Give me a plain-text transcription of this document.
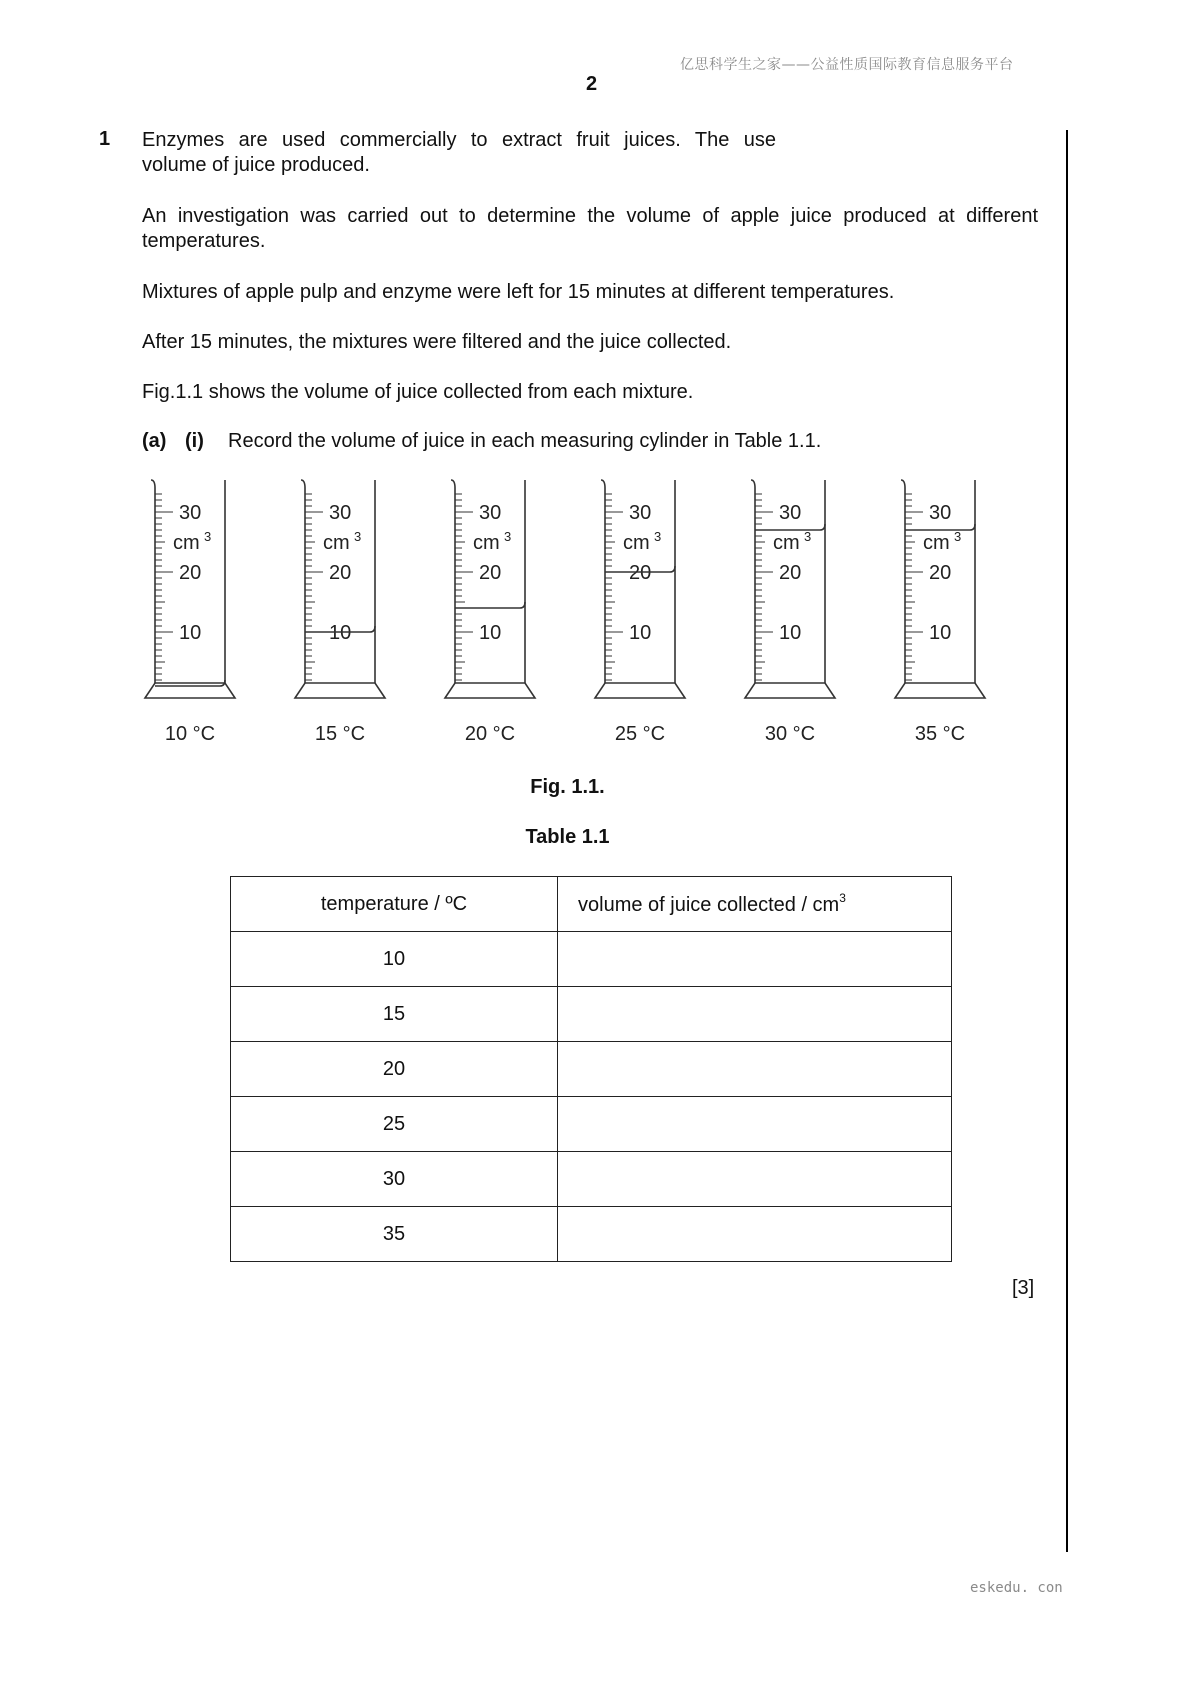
亿思科学生之家——公益性质国际教育信息服务平台
2
1 Enzymes are used commercially to extract fruit juices. The use
volume of juice produced.
An investigation was carried out to determine the volume of apple juice produced at different temperatures.
Mixtures of apple pulp and enzyme were left for 15 minutes at different temperatures.
After 15 minutes, the mixtures were filtered and the juice collected.
Fig.1.1 shows the volume of juice collected from each mixture.
(a) (i) Record the volume of juice in each measuring cylinder in Table 1.1.
30
20
10
cm 3
10 °C
30
20
10
cm 3
15 °C
30
20
10
cm 3
20 °C
30
20
10
cm 3
25 °C
30
20
10
cm 3
30 °C
30
20
10
cm 3
35 °C
Fig. 1.1.
Table 1.1
temperature / ºC	volume of juice collected / $cm^3$
10	
15	
20	
25	
30	
35	
[3]
eskedu. con
